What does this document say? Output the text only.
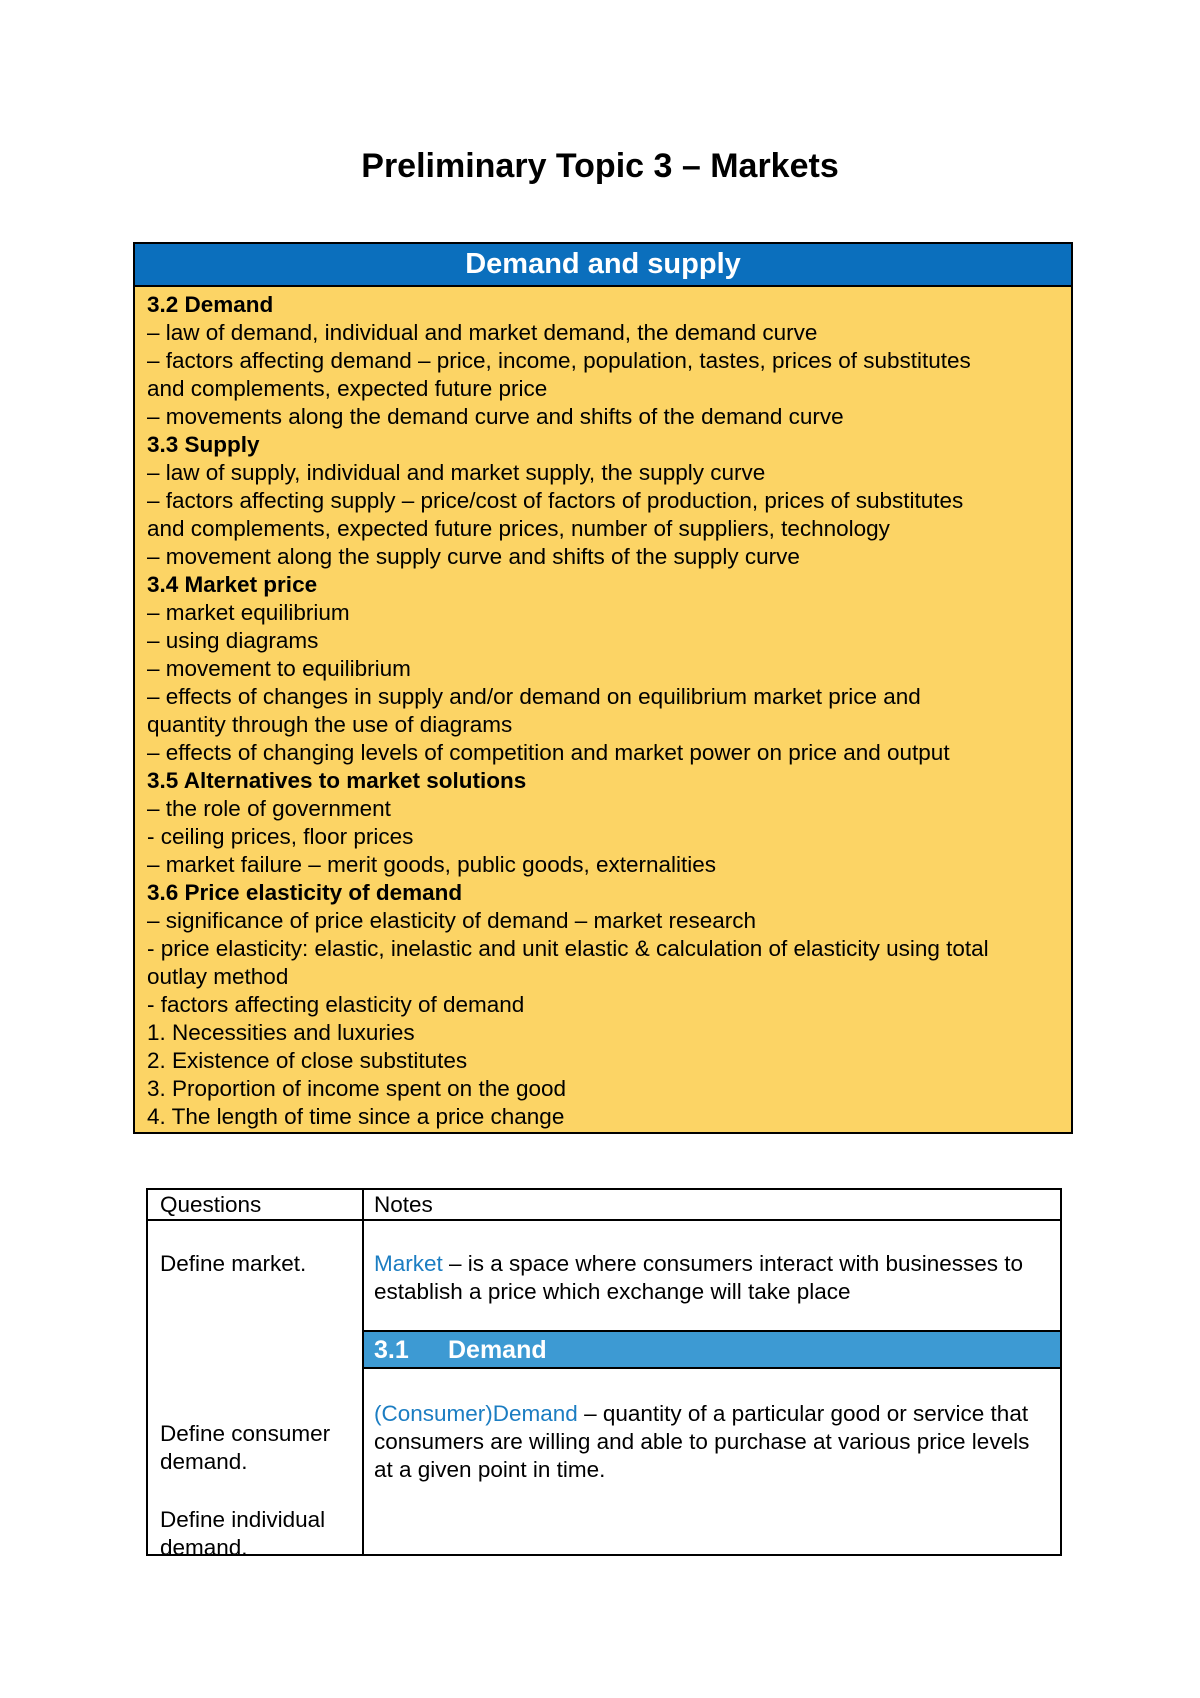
Preliminary Topic 3 – Markets
Demand and supply
3.2 Demand
– law of demand, individual and market demand, the demand curve
– factors affecting demand – price, income, population, tastes, prices of substitutes
and complements, expected future price
– movements along the demand curve and shifts of the demand curve
3.3 Supply
– law of supply, individual and market supply, the supply curve
– factors affecting supply – price/cost of factors of production, prices of substitutes
and complements, expected future prices, number of suppliers, technology
– movement along the supply curve and shifts of the supply curve
3.4 Market price
– market equilibrium
– using diagrams
– movement to equilibrium
– effects of changes in supply and/or demand on equilibrium market price and
quantity through the use of diagrams
– effects of changing levels of competition and market power on price and output
3.5 Alternatives to market solutions
– the role of government
- ceiling prices, floor prices
– market failure – merit goods, public goods, externalities
3.6 Price elasticity of demand
– significance of price elasticity of demand – market research
- price elasticity: elastic, inelastic and unit elastic & calculation of elasticity using total
outlay method
- factors affecting elasticity of demand
1. Necessities and luxuries
2. Existence of close substitutes
3. Proportion of income spent on the good
4. The length of time since a price change
Questions	Notes
Define market.
Define consumer demand.
Define individual demand.
Market – is a space where consumers interact with businesses to establish a price which exchange will take place
3.1 Demand
(Consumer)Demand – quantity of a particular good or service that consumers are willing and able to purchase at various price levels at a given point in time.
